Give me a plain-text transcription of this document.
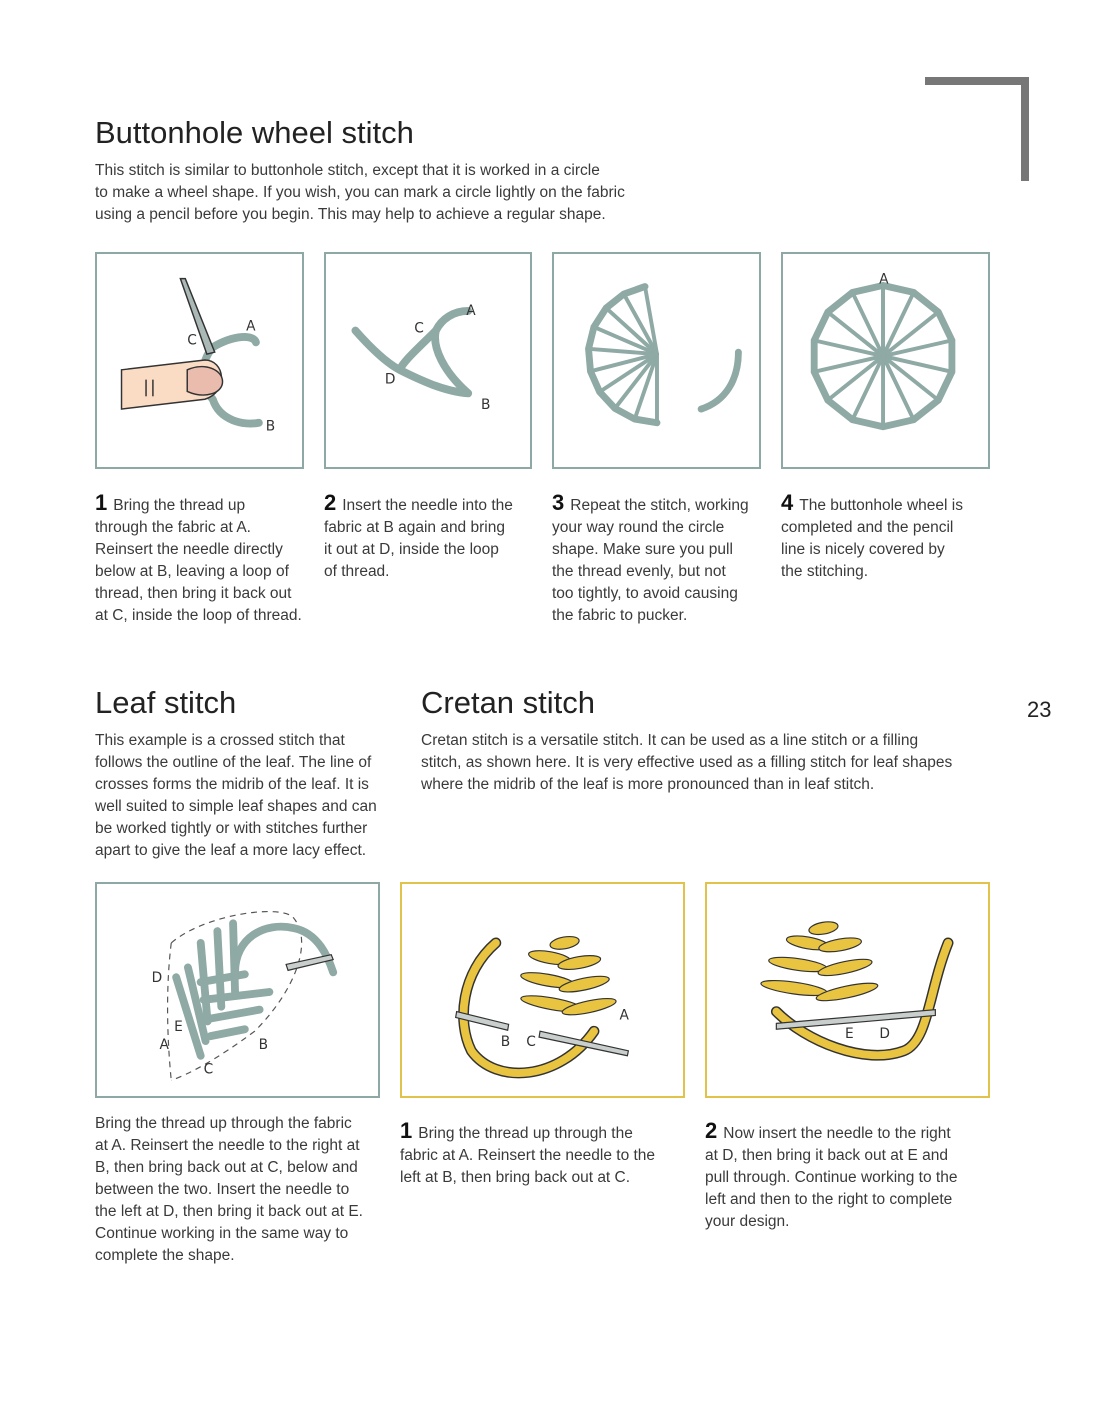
23
Buttonhole wheel stitch
This stitch is similar to buttonhole stitch, except that it is worked in a circle
to make a wheel shape. If you wish, you can mark a circle lightly on the fabric
using a pencil before you begin. This may help to achieve a regular shape.
C
A
B
C
A
B
D
A
1 Bring the thread up
through the fabric at A.
Reinsert the needle directly
below at B, leaving a loop of
thread, then bring it back out
at C, inside the loop of thread.
2 Insert the needle into the
fabric at B again and bring
it out at D, inside the loop
of thread.
3 Repeat the stitch, working
your way round the circle
shape. Make sure you pull
the thread evenly, but not
too tightly, to avoid causing
the fabric to pucker.
4 The buttonhole wheel is
completed and the pencil
line is nicely covered by
the stitching.
Leaf stitch
This example is a crossed stitch that
follows the outline of the leaf. The line of
crosses forms the midrib of the leaf. It is
well suited to simple leaf shapes and can
be worked tightly or with stitches further
apart to give the leaf a more lacy effect.
D
E
A	B
C
Bring the thread up through the fabric
at A. Reinsert the needle to the right at
B, then bring back out at C, below and
between the two. Insert the needle to
the left at D, then bring it back out at E.
Continue working in the same way to
complete the shape.
Cretan stitch
Cretan stitch is a versatile stitch. It can be used as a line stitch or a filling
stitch, as shown here. It is very effective used as a filling stitch for leaf shapes
where the midrib of the leaf is more pronounced than in leaf stitch.
A
B C	E D
1 Bring the thread up through the
fabric at A. Reinsert the needle to the
left at B, then bring back out at C.
2 Now insert the needle to the right
at D, then bring it back out at E and
pull through. Continue working to the
left and then to the right to complete
your design.
